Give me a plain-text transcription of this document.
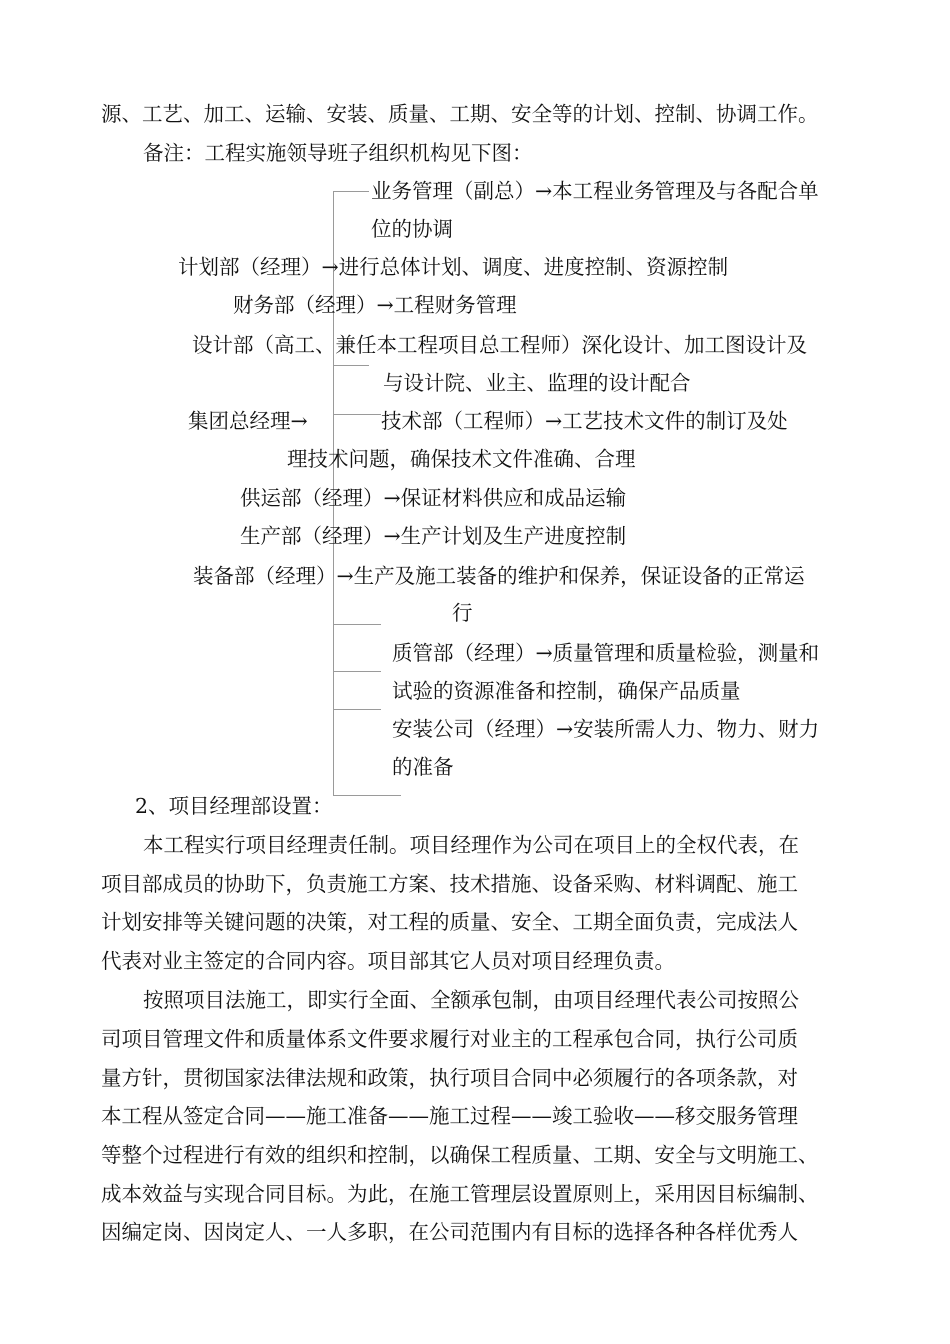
源、工艺、加工、运输、安装、质量、工期、安全等的计划、控制、协调工作。
备注：工程实施领导班子组织机构见下图：
业务管理（副总）→本工程业务管理及与各配合单
位的协调
计划部（经理）→进行总体计划、调度、进度控制、资源控制
财务部（经理）→工程财务管理
设计部（高工、兼任本工程项目总工程师）深化设计、加工图设计及
与设计院、业主、监理的设计配合
集团总经理→	技术部（工程师）→工艺技术文件的制订及处
理技术问题，确保技术文件准确、合理
供运部（经理）→保证材料供应和成品运输
生产部（经理）→生产计划及生产进度控制
装备部（经理）→生产及施工装备的维护和保养，保证设备的正常运
行
质管部（经理）→质量管理和质量检验，测量和
试验的资源准备和控制，确保产品质量
安装公司（经理）→安装所需人力、物力、财力
的准备
2、项目经理部设置：
本工程实行项目经理责任制。项目经理作为公司在项目上的全权代表，在
项目部成员的协助下，负责施工方案、技术措施、设备采购、材料调配、施工
计划安排等关键问题的决策，对工程的质量、安全、工期全面负责，完成法人
代表对业主签定的合同内容。项目部其它人员对项目经理负责。
按照项目法施工，即实行全面、全额承包制，由项目经理代表公司按照公
司项目管理文件和质量体系文件要求履行对业主的工程承包合同，执行公司质
量方针，贯彻国家法律法规和政策，执行项目合同中必须履行的各项条款，对
本工程从签定合同——施工准备——施工过程——竣工验收——移交服务管理
等整个过程进行有效的组织和控制，以确保工程质量、工期、安全与文明施工、
成本效益与实现合同目标。为此，在施工管理层设置原则上，采用因目标编制、
因编定岗、因岗定人、一人多职，在公司范围内有目标的选择各种各样优秀人
